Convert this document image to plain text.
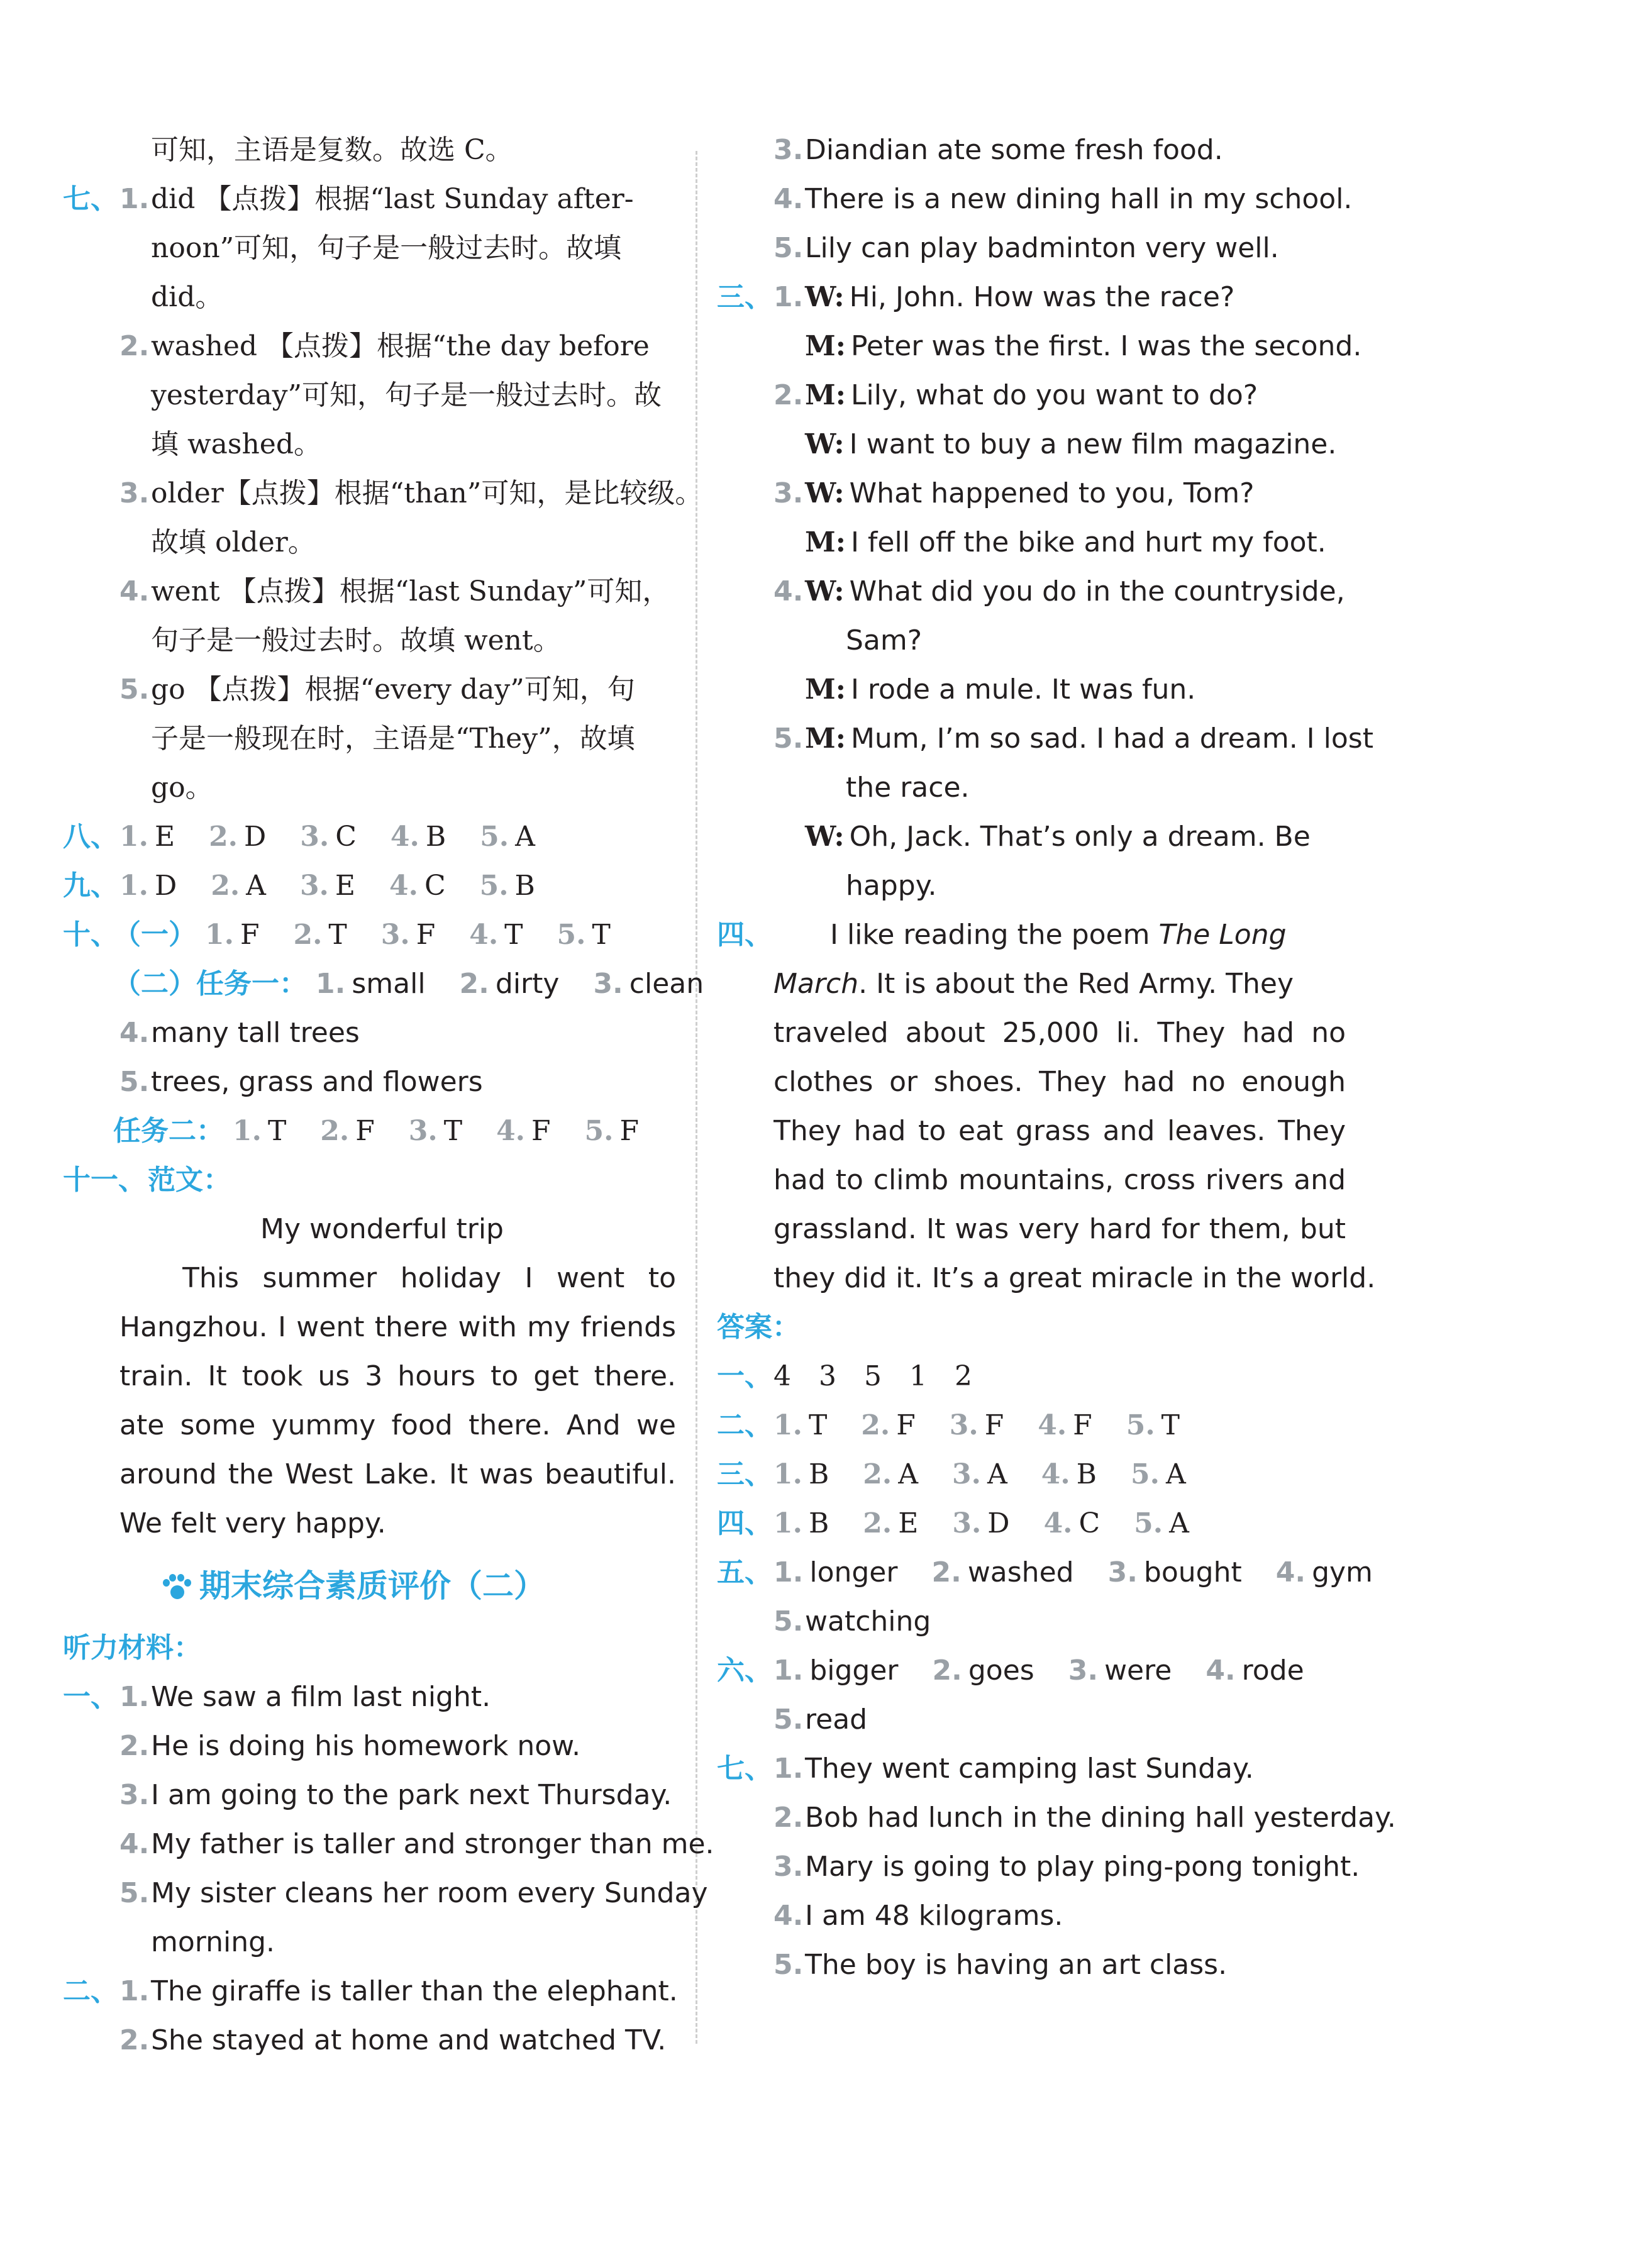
可知，主语是复数。故选 C。
七、 1. did 【点拨】根据“last Sunday after-
noon”可知，句子是一般过去时。故填
did。
2. washed 【点拨】根据“the day before
yesterday”可知，句子是一般过去时。故
填 washed。
3. older【点拨】根据“than”可知，是比较级。
故填 older。
4. went 【点拨】根据“last Sunday”可知，
句子是一般过去时。故填 went。
5. go 【点拨】根据“every day”可知，句
子是一般现在时，主语是“They”，故填
go。
八、 1. E 2. D 3. C 4. B 5. A
九、 1. D 2. A 3. E 4. C 5. B
十、
（一） 1. F 2. T 3. F 4. T 5. T
（二）任务一： 1. small 2. dirty 3. clean
4. many tall trees
5. trees, grass and flowers
任务二： 1. T 2. F 3. T 4. F 5. F
十一、 范文：
My wonderful trip
This summer holiday I went to
Hangzhou. I went there with my friends
train. It took us 3 hours to get there.
ate some yummy food there. And we
around the West Lake. It was beautiful.
We felt very happy.
期末综合素质评价（二）
听力材料：
一、 1. We saw a film last night.
2. He is doing his homework now.
3. I am going to the park next Thursday.
4. My father is taller and stronger than me.
5. My sister cleans her room every Sunday
morning.
二、 1. The giraffe is taller than the elephant.
2. She stayed at home and watched TV.
3. Diandian ate some fresh food.
4. There is a new dining hall in my school.
5. Lily can play badminton very well.
三、 1. W: Hi, John. How was the race?
M: Peter was the first. I was the second.
2. M: Lily, what do you want to do?
W: I want to buy a new film magazine.
3. W: What happened to you, Tom?
M: I fell off the bike and hurt my foot.
4. W: What did you do in the countryside,
Sam?
M: I rode a mule. It was fun.
5. M: Mum, I’m so sad. I had a dream. I lost
the race.
W: Oh, Jack. That’s only a dream. Be
happy.
四、 I like reading the poem The Long
March. It is about the Red Army. They
traveled about 25,000 li. They had no
clothes or shoes. They had no enough
They had to eat grass and leaves. They
had to climb mountains, cross rivers and
grassland. It was very hard for them, but
they did it. It’s a great miracle in the world.
答案：
一、 4　3　5　1　2
二、 1. T 2. F 3. F 4. F 5. T
三、 1. B 2. A 3. A 4. B 5. A
四、 1. B 2. E 3. D 4. C 5. A
五、 1. longer 2. washed 3. bought 4. gym
5. watching
六、 1. bigger 2. goes 3. were 4. rode
5. read
七、 1. They went camping last Sunday.
2. Bob had lunch in the dining hall yesterday.
3. Mary is going to play ping-pong tonight.
4. I am 48 kilograms.
5. The boy is having an art class.
